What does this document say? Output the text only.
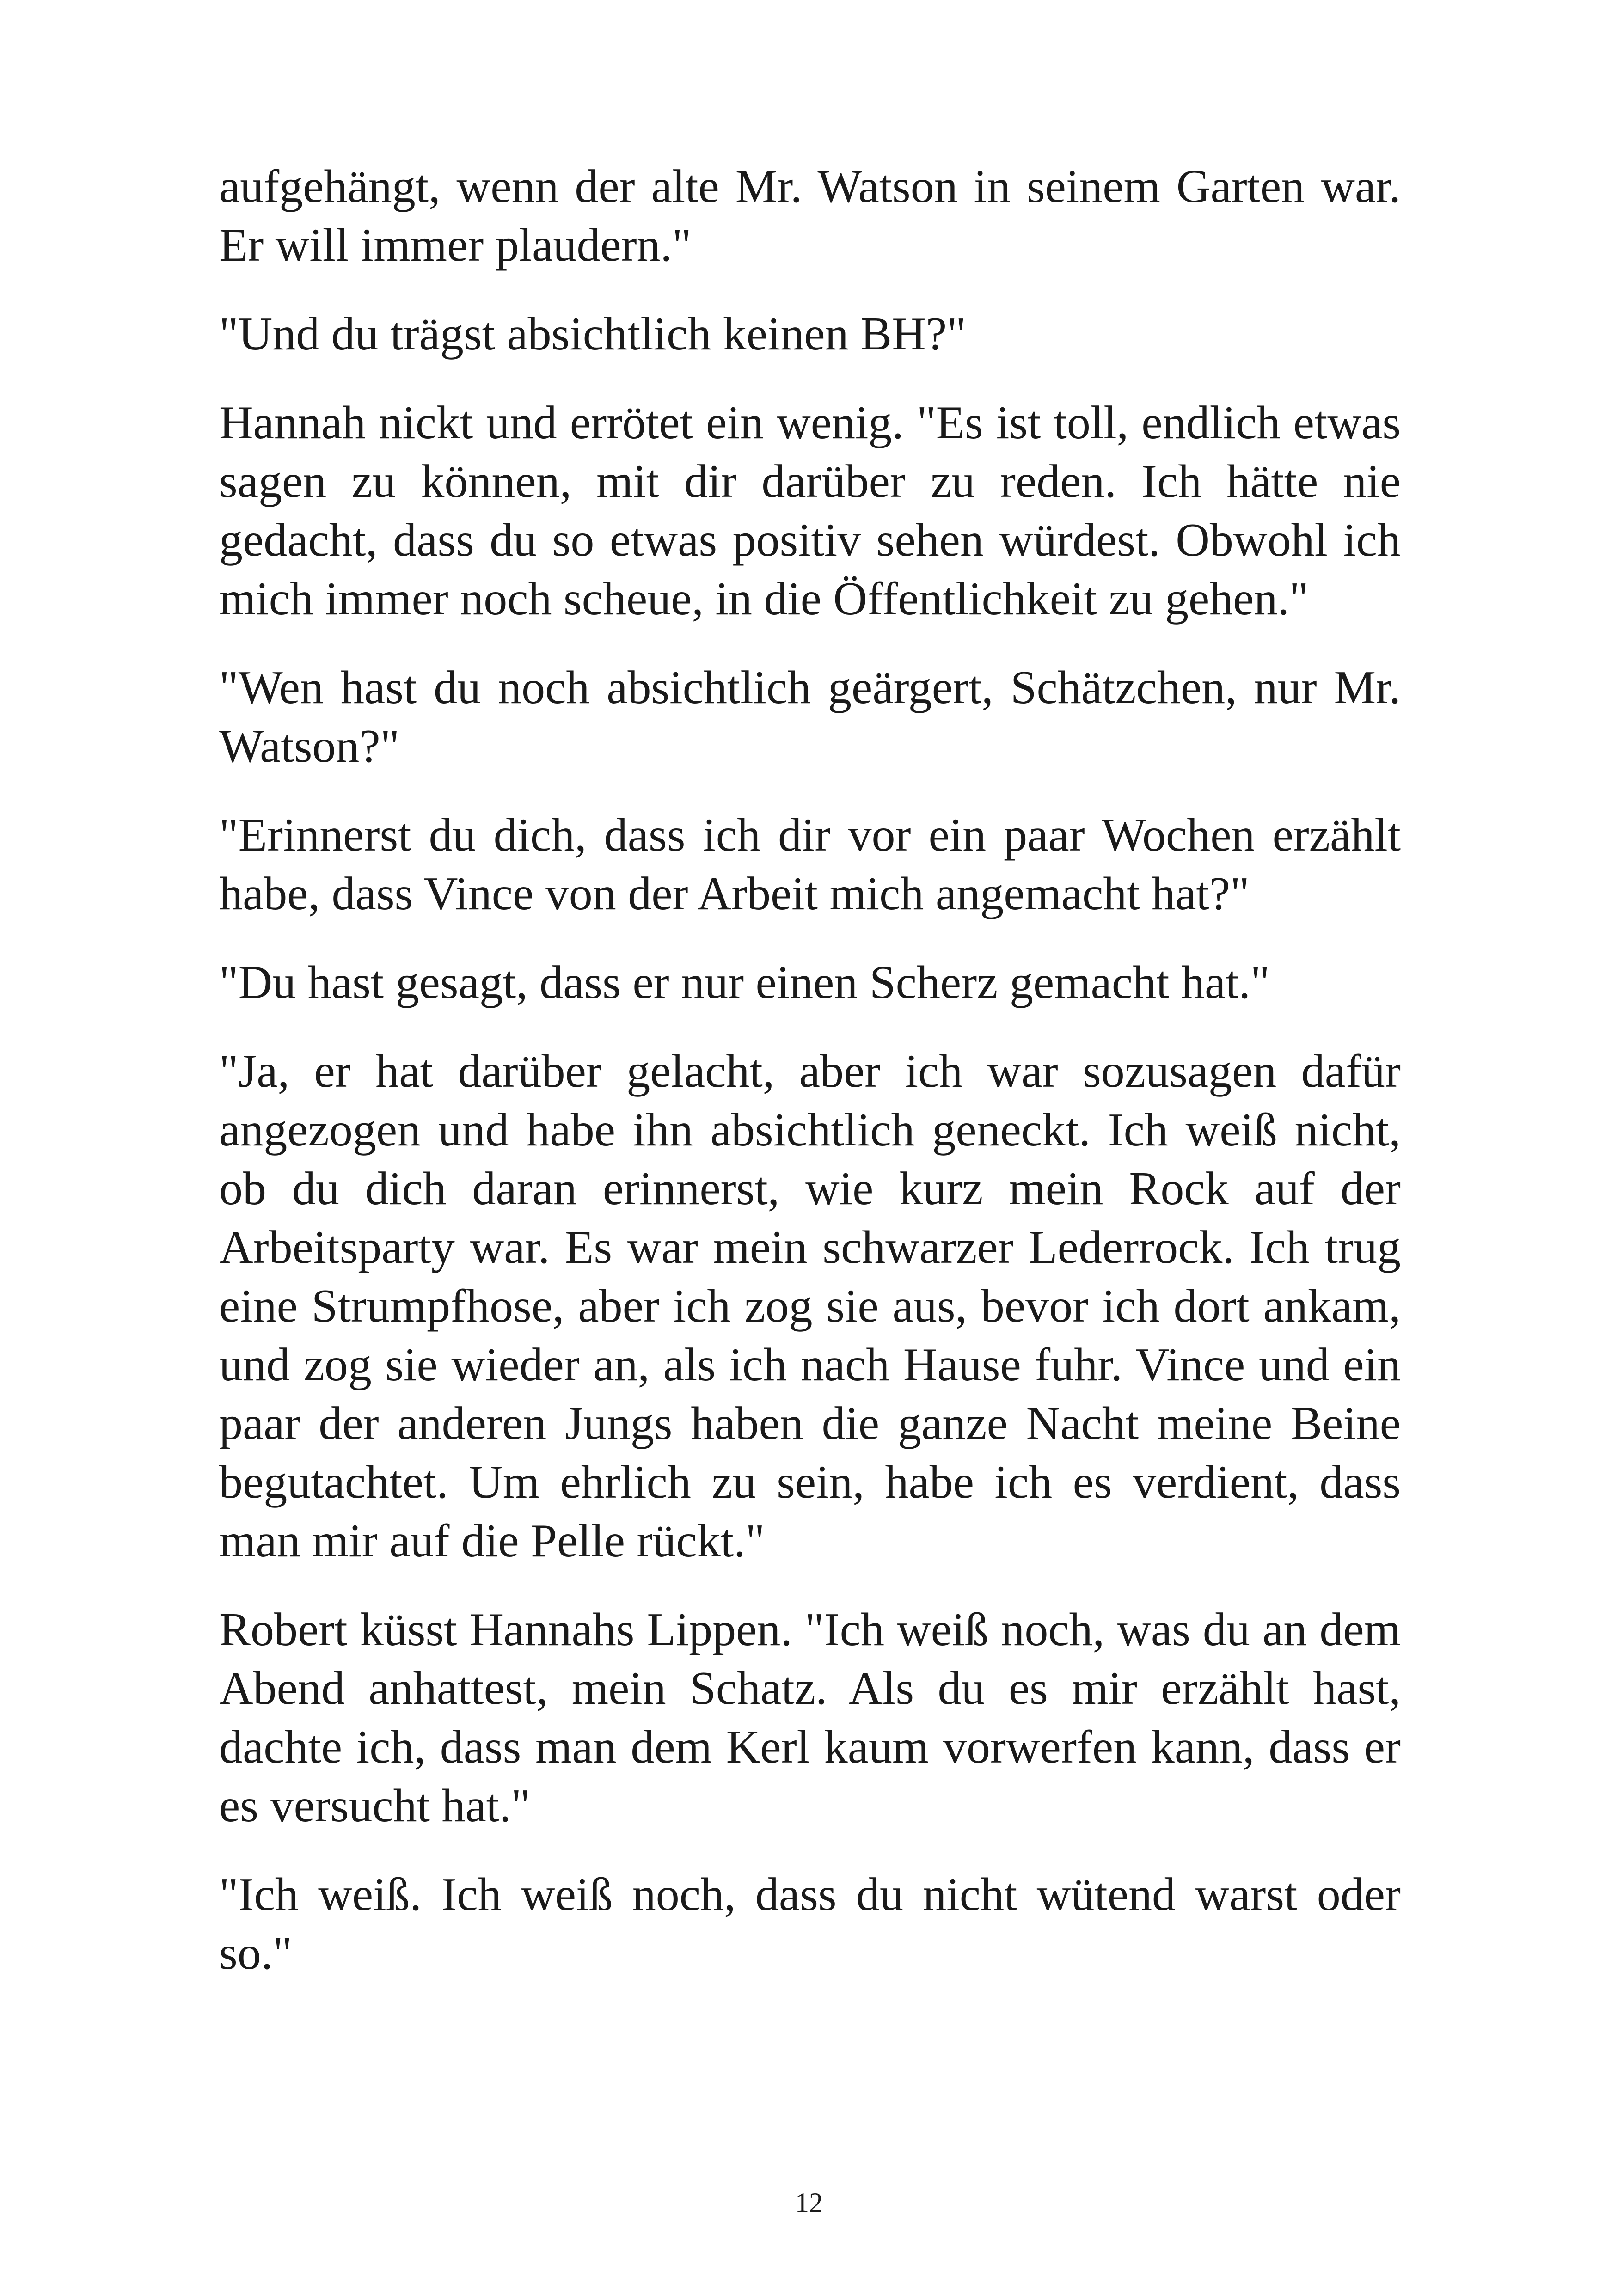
aufgehängt, wenn der alte Mr. Watson in seinem Garten war. Er will immer plaudern."

"Und du trägst absichtlich keinen BH?"

Hannah nickt und errötet ein wenig. "Es ist toll, endlich etwas sagen zu können, mit dir darüber zu reden. Ich hätte nie gedacht, dass du so etwas positiv sehen würdest. Obwohl ich mich immer noch scheue, in die Öffentlichkeit zu gehen."

"Wen hast du noch absichtlich geärgert, Schätzchen, nur Mr. Watson?"

"Erinnerst du dich, dass ich dir vor ein paar Wochen erzählt habe, dass Vince von der Arbeit mich angemacht hat?"

"Du hast gesagt, dass er nur einen Scherz gemacht hat."

"Ja, er hat darüber gelacht, aber ich war sozusagen dafür angezogen und habe ihn absichtlich geneckt. Ich weiß nicht, ob du dich daran erinnerst, wie kurz mein Rock auf der Arbeitsparty war. Es war mein schwarzer Lederrock. Ich trug eine Strumpfhose, aber ich zog sie aus, bevor ich dort ankam, und zog sie wieder an, als ich nach Hause fuhr. Vince und ein paar der anderen Jungs haben die ganze Nacht meine Beine begutachtet. Um ehrlich zu sein, habe ich es verdient, dass man mir auf die Pelle rückt."

Robert küsst Hannahs Lippen. "Ich weiß noch, was du an dem Abend anhattest, mein Schatz. Als du es mir erzählt hast, dachte ich, dass man dem Kerl kaum vorwerfen kann, dass er es versucht hat."

"Ich weiß. Ich weiß noch, dass du nicht wütend warst oder so."

12
